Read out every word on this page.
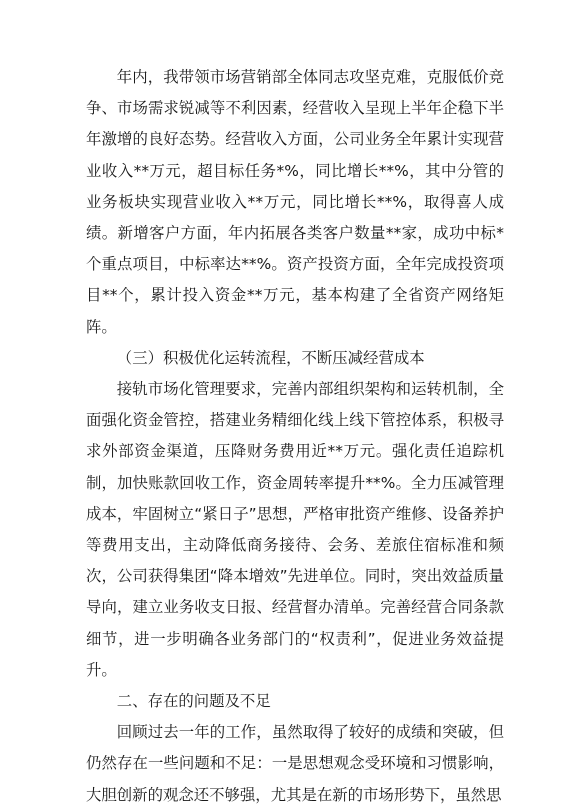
年内，我带领市场营销部全体同志攻坚克难，克服低价竞争、市场需求锐减等不利因素，经营收入呈现上半年企稳下半年激增的良好态势。经营收入方面，公司业务全年累计实现营业收入**万元，超目标任务*%，同比增长**%，其中分管的业务板块实现营业收入**万元，同比增长**%，取得喜人成绩。新增客户方面，年内拓展各类客户数量**家，成功中标*个重点项目，中标率达**%。资产投资方面，全年完成投资项目**个，累计投入资金**万元，基本构建了全省资产网络矩阵。

（三）积极优化运转流程，不断压减经营成本

接轨市场化管理要求，完善内部组织架构和运转机制，全面强化资金管控，搭建业务精细化线上线下管控体系，积极寻求外部资金渠道，压降财务费用近**万元。强化责任追踪机制，加快账款回收工作，资金周转率提升**%。全力压减管理成本，牢固树立“紧日子”思想，严格审批资产维修、设备养护等费用支出，主动降低商务接待、会务、差旅住宿标准和频次，公司获得集团“降本增效”先进单位。同时，突出效益质量导向，建立业务收支日报、经营督办清单。完善经营合同条款细节，进一步明确各业务部门的“权责利”，促进业务效益提升。

二、存在的问题及不足

回顾过去一年的工作，虽然取得了较好的成绩和突破，但仍然存在一些问题和不足：一是思想观念受环境和习惯影响，大胆创新的观念还不够强，尤其是在新的市场形势下，虽然思
